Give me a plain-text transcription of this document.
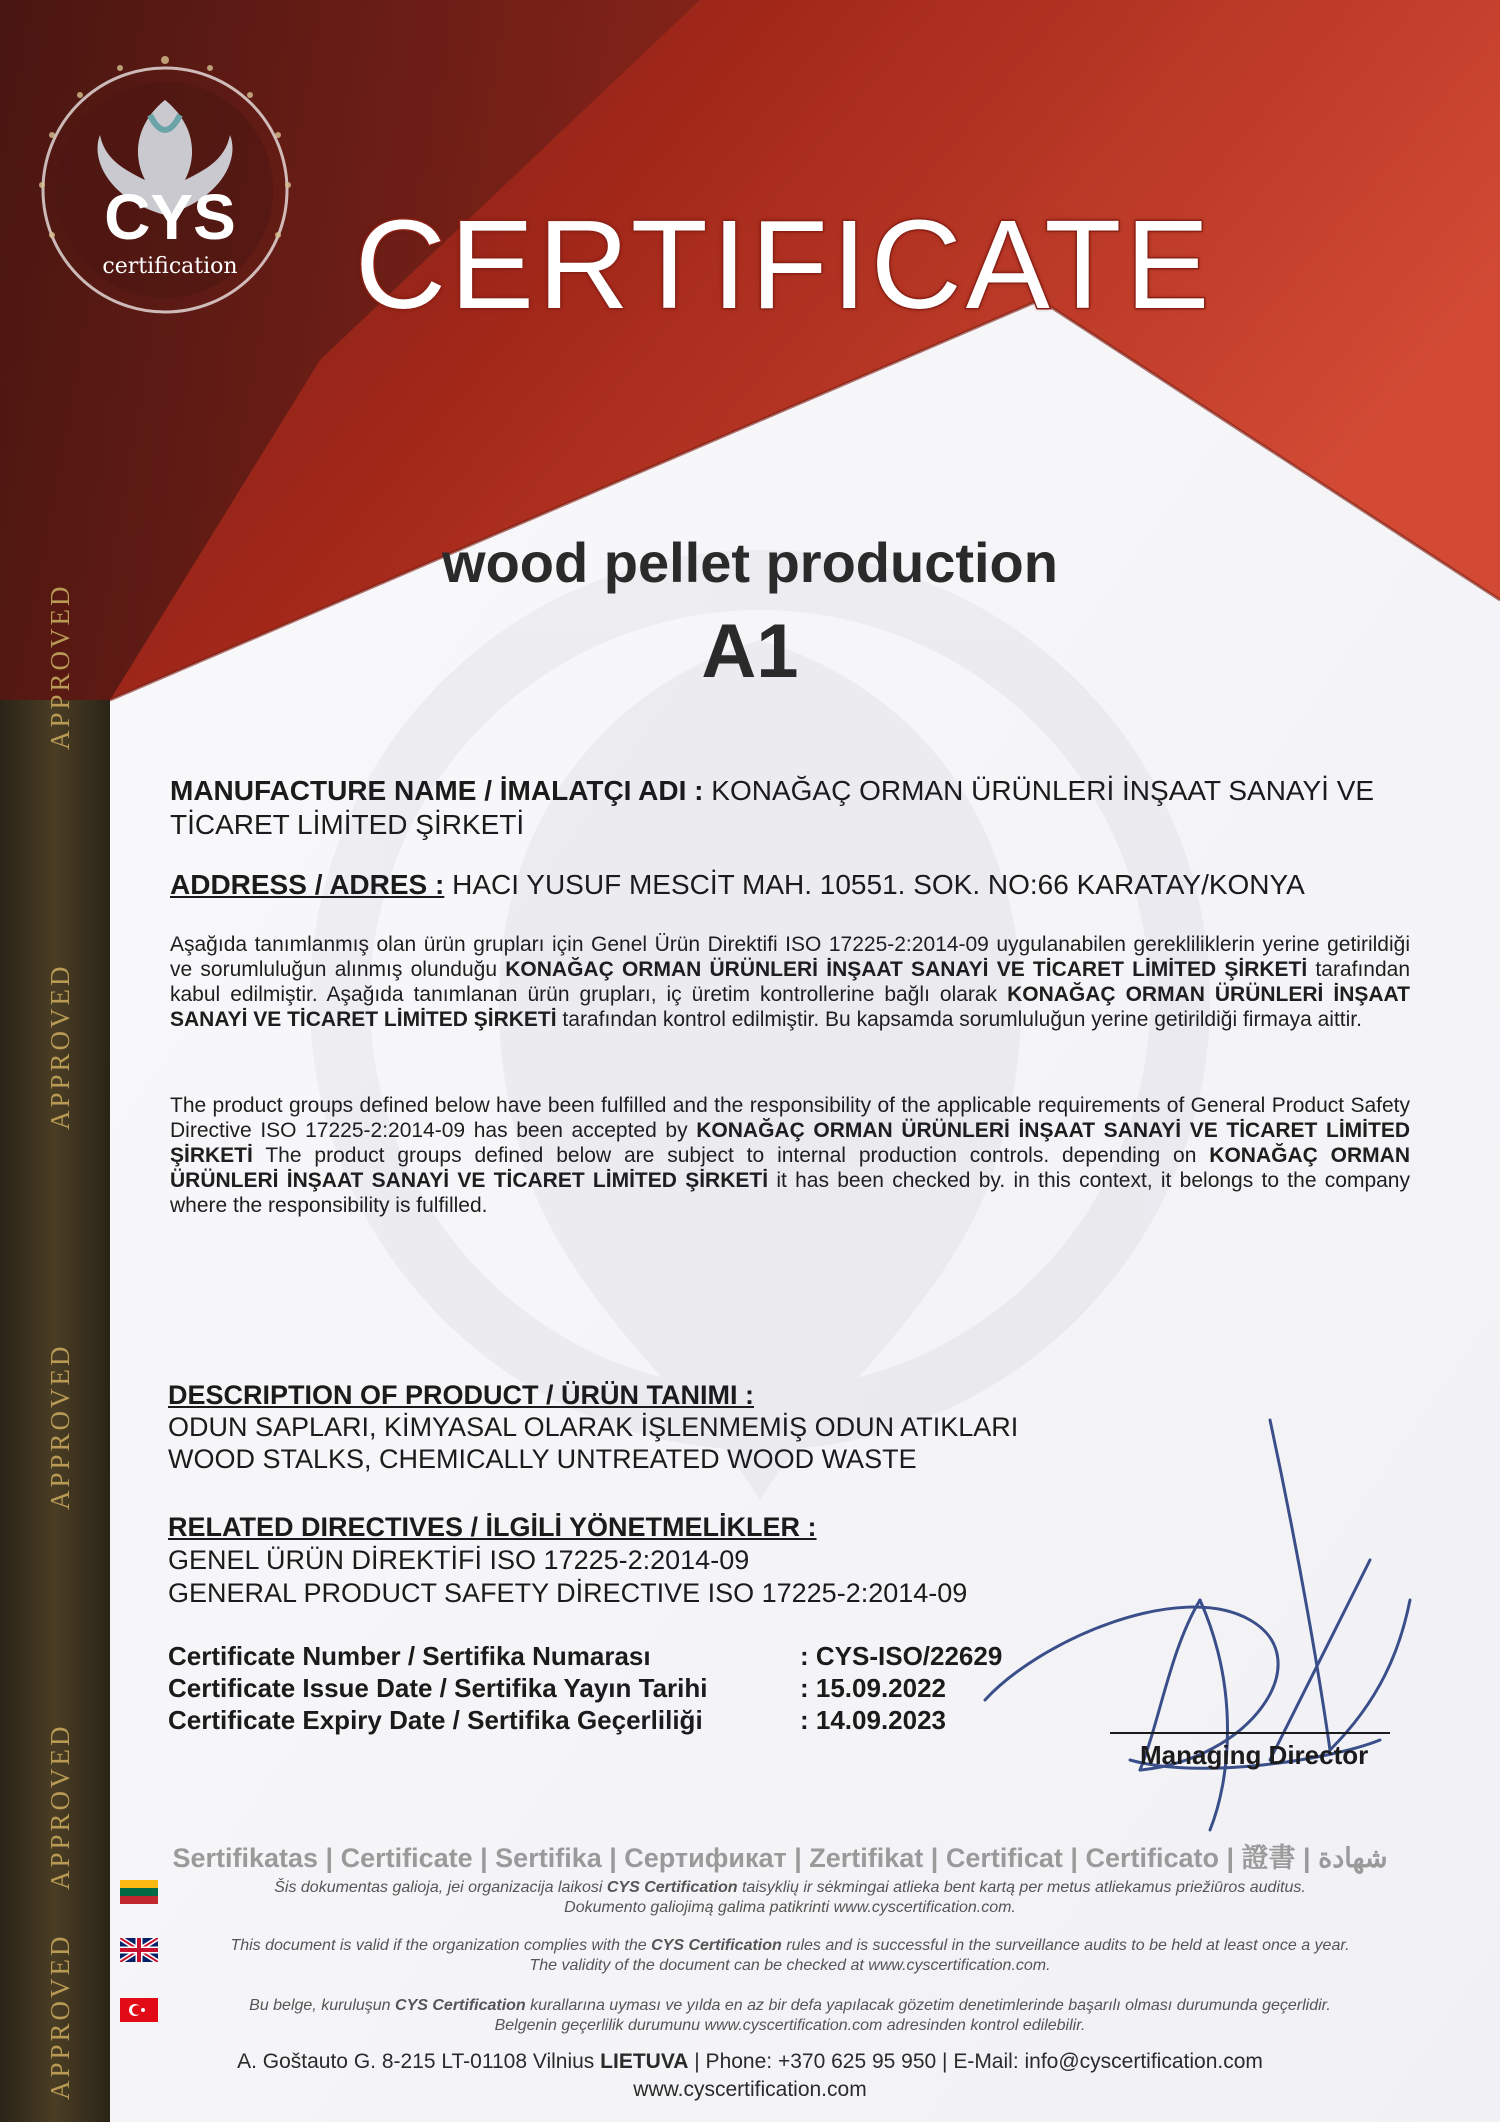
CYS
certification
APPROVED
APPROVED
APPROVED
APPROVED
APPROVED
CERTIFICATE
wood pellet production
A1
MANUFACTURE NAME / İMALATÇI ADI : KONAĞAÇ ORMAN ÜRÜNLERİ İNŞAAT SANAYİ VE TİCARET LİMİTED ŞİRKETİ
ADDRESS / ADRES : HACI YUSUF MESCİT MAH. 10551. SOK. NO:66 KARATAY/KONYA
Aşağıda tanımlanmış olan ürün grupları için Genel Ürün Direktifi ISO 17225-2:2014-09 uygulanabilen gerekliliklerin yerine getirildiği ve sorumluluğun alınmış olunduğu KONAĞAÇ ORMAN ÜRÜNLERİ İNŞAAT SANAYİ VE TİCARET LİMİTED ŞİRKETİ tarafından kabul edilmiştir. Aşağıda tanımlanan ürün grupları, iç üretim kontrollerine bağlı olarak KONAĞAÇ ORMAN ÜRÜNLERİ İNŞAAT SANAYİ VE TİCARET LİMİTED ŞİRKETİ tarafından kontrol edilmiştir. Bu kapsamda sorumluluğun yerine getirildiği firmaya aittir.
The product groups defined below have been fulfilled and the responsibility of the applicable requirements of General Product Safety Directive ISO 17225-2:2014-09 has been accepted by KONAĞAÇ ORMAN ÜRÜNLERİ İNŞAAT SANAYİ VE TİCARET LİMİTED ŞİRKETİ The product groups defined below are subject to internal production controls. depending on KONAĞAÇ ORMAN ÜRÜNLERİ İNŞAAT SANAYİ VE TİCARET LİMİTED ŞİRKETİ it has been checked by. in this context, it belongs to the company where the responsibility is fulfilled.
DESCRIPTION OF PRODUCT / ÜRÜN TANIMI :
ODUN SAPLARI, KİMYASAL OLARAK İŞLENMEMİŞ ODUN ATIKLARI
WOOD STALKS, CHEMICALLY UNTREATED WOOD WASTE
RELATED DIRECTIVES / İLGİLİ YÖNETMELİKLER :
GENEL ÜRÜN DİREKTİFİ ISO 17225-2:2014-09
GENERAL PRODUCT SAFETY DİRECTIVE ISO 17225-2:2014-09
Certificate Number / Sertifika Numarası	: CYS-ISO/22629
Certificate Issue Date / Sertifika Yayın Tarihi	: 15.09.2022
Certificate Expiry Date / Sertifika Geçerliliği	: 14.09.2023
Managing Director
Sertifikatas | Certificate | Sertifika | Сертификат | Zertifikat | Certificat | Certificato | 證書 | شهادة
Šis dokumentas galioja, jei organizacija laikosi CYS Certification taisyklių ir sėkmingai atlieka bent kartą per metus atliekamus priežiūros auditus.
Dokumento galiojimą galima patikrinti www.cyscertification.com.
This document is valid if the organization complies with the CYS Certification rules and is successful in the surveillance audits to be held at least once a year.
The validity of the document can be checked at www.cyscertification.com.
Bu belge, kuruluşun CYS Certification kurallarına uyması ve yılda en az bir defa yapılacak gözetim denetimlerinde başarılı olması durumunda geçerlidir.
Belgenin geçerlilik durumunu www.cyscertification.com adresinden kontrol edilebilir.
A. Goštauto G. 8-215 LT-01108 Vilnius LIETUVA | Phone: +370 625 95 950 | E-Mail: info@cyscertification.com
www.cyscertification.com
